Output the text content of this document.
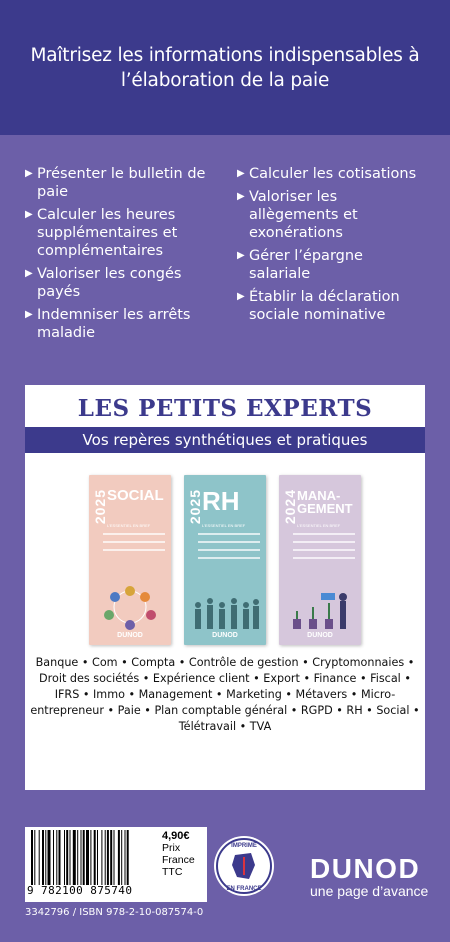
Maîtrisez les informations indispensables à l’élaboration de la paie
▶ Présenter le bulletin de paie
▶ Calculer les heures supplémentaires et complémentaires
▶ Valoriser les congés payés
▶ Indemniser les arrêts maladie
▶ Calculer les cotisations
▶ Valoriser les allègements et exonérations
▶ Gérer l’épargne salariale
▶ Établir la déclaration sociale nominative
LES PETITS EXPERTS
Vos repères synthétiques et pratiques
2025 SOCIAL
L’ESSENTIEL EN BREF
DUNOD
2025 RH
L’ESSENTIEL EN BREF
DUNOD
2024 MANA- GEMENT
L’ESSENTIEL EN BREF
DUNOD
Banque • Com • Compta • Contrôle de gestion • Cryptomonnaies • Droit des sociétés • Expérience client • Export • Finance • Fiscal • IFRS • Immo • Management • Marketing • Métavers • Micro-entrepreneur • Paie • Plan comptable général • RGPD • RH • Social • Télétravail • TVA
9 782100 875740
4,90€
Prix
France
TTC
IMPRIMÉ
EN FRANCE
DUNOD
une page d’avance
3342796 / ISBN 978-2-10-087574-0
